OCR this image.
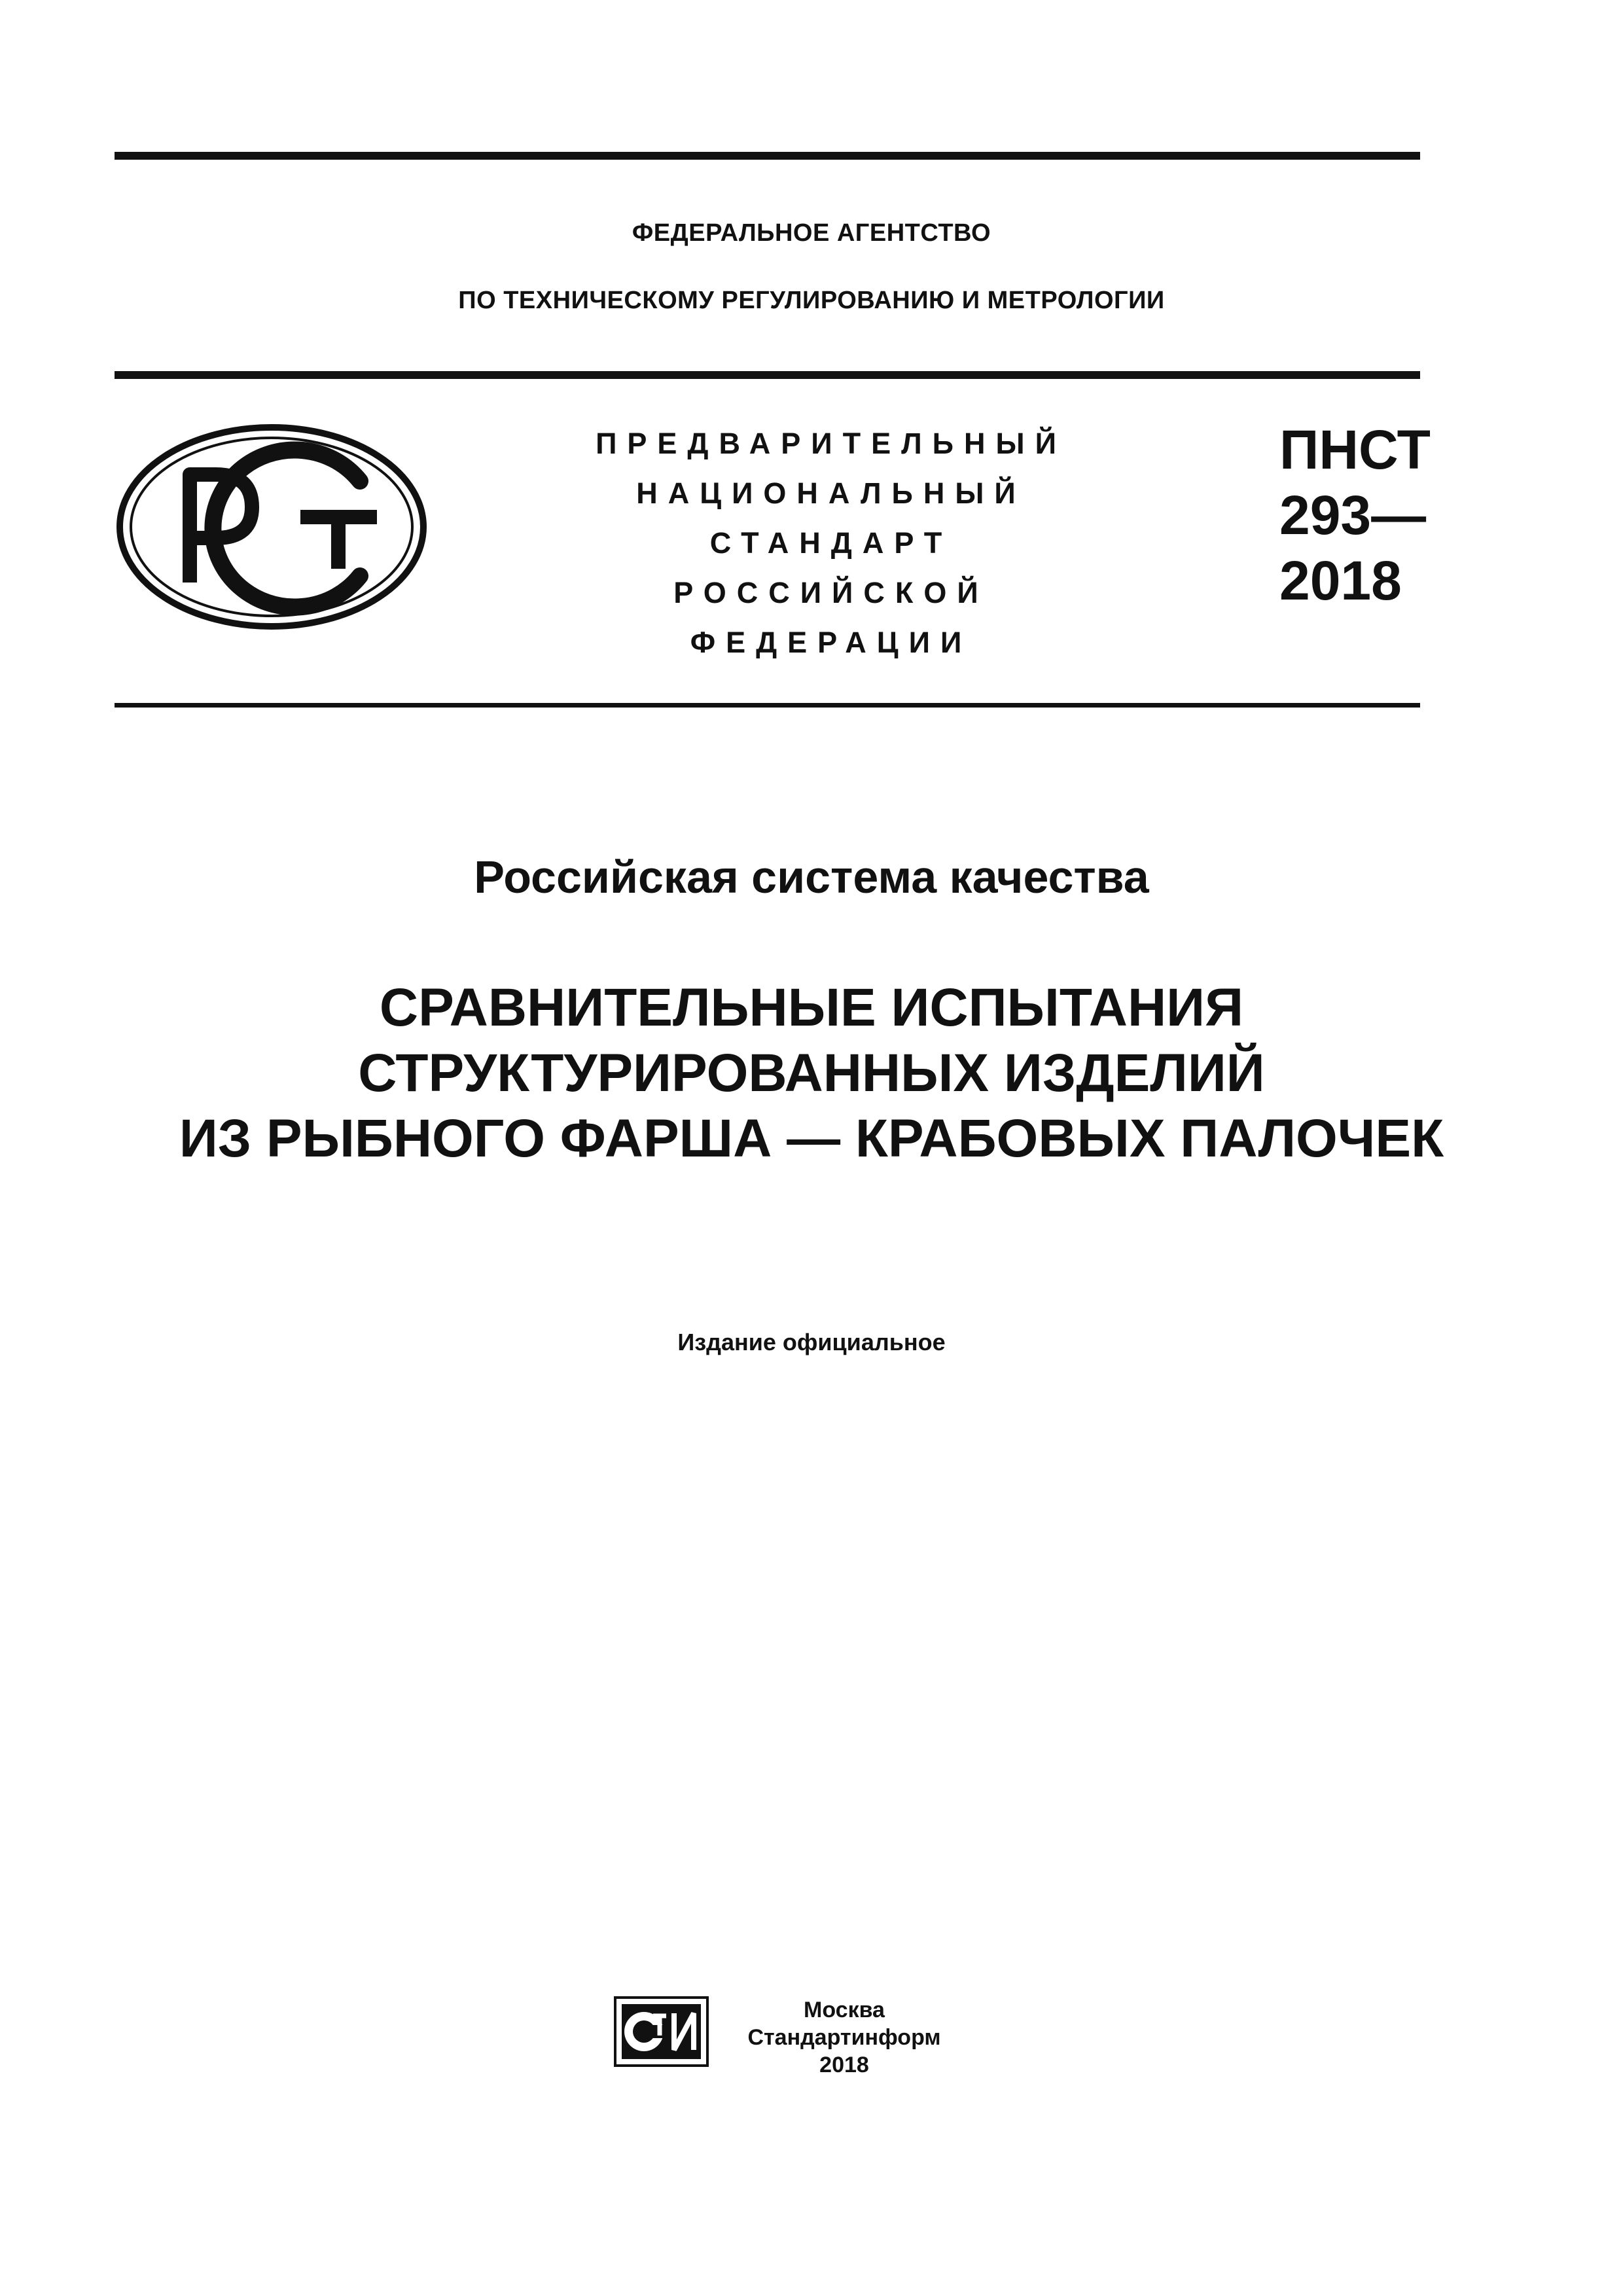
ФЕДЕРАЛЬНОЕ АГЕНТСТВО
ПО ТЕХНИЧЕСКОМУ РЕГУЛИРОВАНИЮ И МЕТРОЛОГИИ
ПРЕДВАРИТЕЛЬНЫЙ
НАЦИОНАЛЬНЫЙ
СТАНДАРТ
РОССИЙСКОЙ
ФЕДЕРАЦИИ
ПНСТ
293—
2018
Российская система качества
СРАВНИТЕЛЬНЫЕ ИСПЫТАНИЯ
СТРУКТУРИРОВАННЫХ ИЗДЕЛИЙ
ИЗ РЫБНОГО ФАРША — КРАБОВЫХ ПАЛОЧЕК
Издание официальное
Москва
Стандартинформ
2018
